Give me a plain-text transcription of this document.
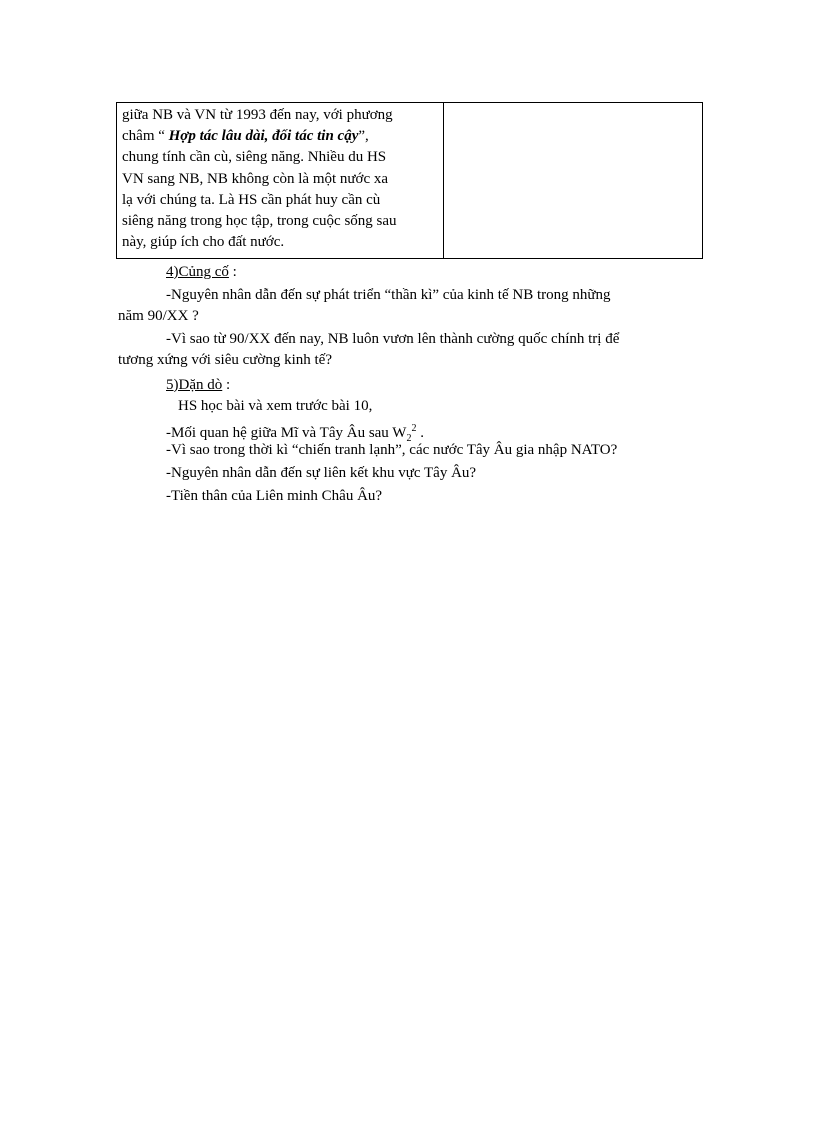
giữa NB và VN từ 1993 đến nay, với phương
châm “ Hợp tác lâu dài, đối tác tin cậy”,
chung tính cần cù, siêng năng. Nhiều du HS
VN sang NB, NB không còn là một nước xa
lạ với chúng ta. Là HS cần phát huy cần cù
siêng năng trong học tập, trong cuộc sống sau
này, giúp ích cho đất nước.
4)Củng cố :
-Nguyên nhân dẫn đến sự phát triển “thần kì” của kinh tế NB trong những
năm 90/XX ?
-Vì sao từ 90/XX đến nay, NB luôn vươn lên thành cường quốc chính trị để
tương xứng với siêu cường kinh tế?
5)Dặn dò :
HS học bài và xem trước bài 10,
-Mối quan hệ giữa Mĩ và Tây Âu sau $W_2^2$ .
-Vì sao trong thời kì “chiến tranh lạnh”, các nước Tây Âu gia nhập NATO?
-Nguyên nhân dẫn đến sự liên kết khu vực Tây Âu?
-Tiền thân của Liên minh Châu Âu?
